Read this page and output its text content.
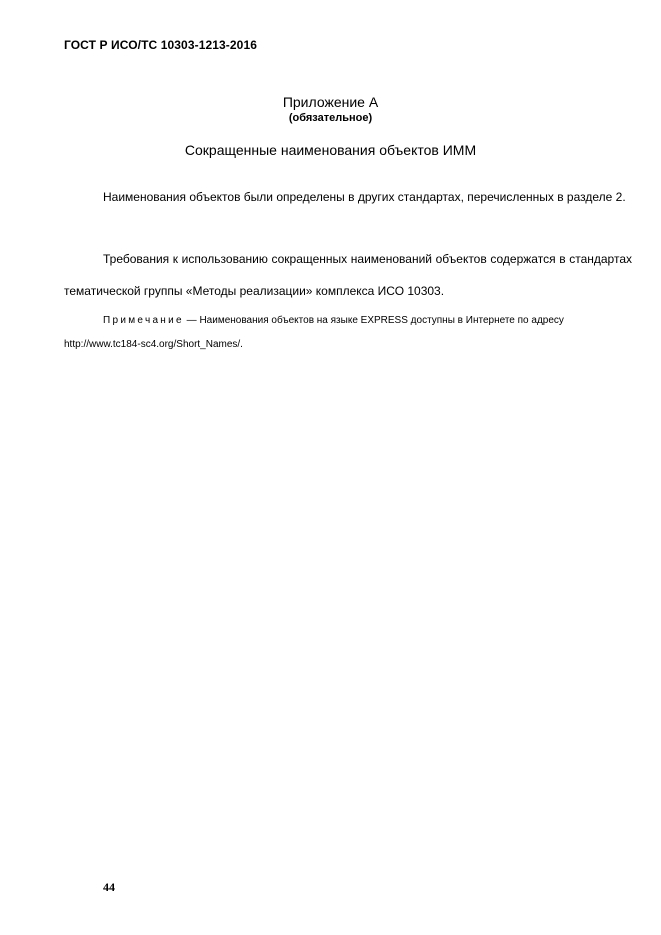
ГОСТ Р ИСО/ТС 10303-1213-2016
Приложение А
(обязательное)
Сокращенные наименования объектов ИММ

Наименования объектов были определены в других стандартах, перечисленных в разделе 2.

Требования к использованию сокращенных наименований объектов содержатся в стандартах тематической группы «Методы реализации» комплекса ИСО 10303.

Примечание — Наименования объектов на языке EXPRESS доступны в Интернете по адресу http://www.tc184-sc4.org/Short_Names/.

44
